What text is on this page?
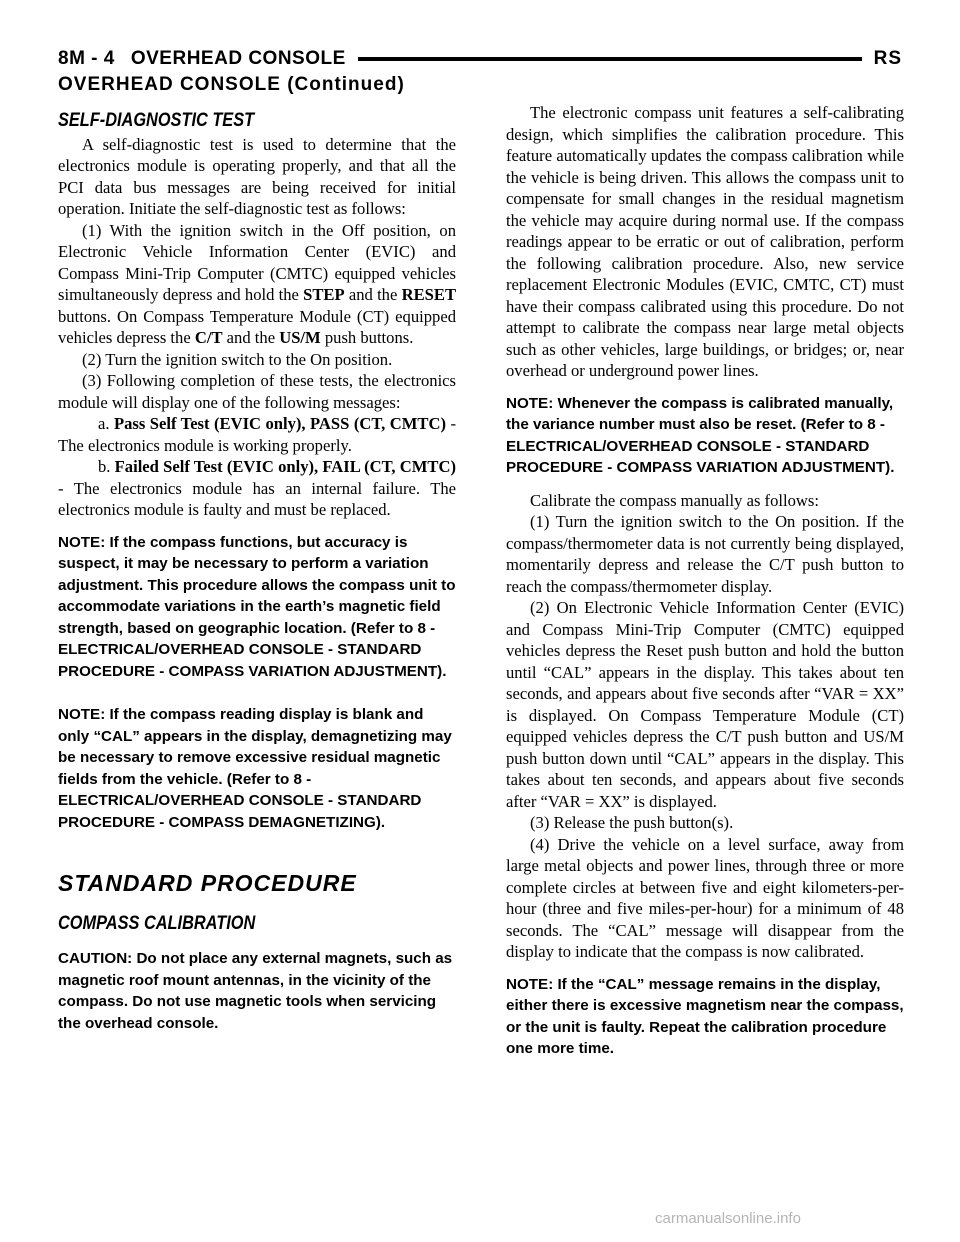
8M - 4 OVERHEAD CONSOLE	RS
OVERHEAD CONSOLE (Continued)
SELF-DIAGNOSTIC TEST

A self-diagnostic test is used to determine that the electronics module is operating properly, and that all the PCI data bus messages are being received for initial operation. Initiate the self-diagnostic test as follows:

(1) With the ignition switch in the Off position, on Electronic Vehicle Information Center (EVIC) and Compass Mini-Trip Computer (CMTC) equipped vehicles simultaneously depress and hold the STEP and the RESET buttons. On Compass Temperature Module (CT) equipped vehicles depress the C/T and the US/M push buttons.

(2) Turn the ignition switch to the On position.

(3) Following completion of these tests, the electronics module will display one of the following messages:

a. Pass Self Test (EVIC only), PASS (CT, CMTC) - The electronics module is working properly.

b. Failed Self Test (EVIC only), FAIL (CT, CMTC) - The electronics module has an internal failure. The electronics module is faulty and must be replaced.

NOTE: If the compass functions, but accuracy is suspect, it may be necessary to perform a variation adjustment. This procedure allows the compass unit to accommodate variations in the earth’s magnetic field strength, based on geographic location. (Refer to 8 - ELECTRICAL/OVERHEAD CONSOLE - STANDARD PROCEDURE - COMPASS VARIATION ADJUSTMENT).

NOTE: If the compass reading display is blank and only “CAL” appears in the display, demagnetizing may be necessary to remove excessive residual magnetic fields from the vehicle. (Refer to 8 - ELECTRICAL/OVERHEAD CONSOLE - STANDARD PROCEDURE - COMPASS DEMAGNETIZING).

STANDARD PROCEDURE
COMPASS CALIBRATION

CAUTION: Do not place any external magnets, such as magnetic roof mount antennas, in the vicinity of the compass. Do not use magnetic tools when servicing the overhead console.

The electronic compass unit features a self-calibrating design, which simplifies the calibration procedure. This feature automatically updates the compass calibration while the vehicle is being driven. This allows the compass unit to compensate for small changes in the residual magnetism the vehicle may acquire during normal use. If the compass readings appear to be erratic or out of calibration, perform the following calibration procedure. Also, new service replacement Electronic Modules (EVIC, CMTC, CT) must have their compass calibrated using this procedure. Do not attempt to calibrate the compass near large metal objects such as other vehicles, large buildings, or bridges; or, near overhead or underground power lines.

NOTE: Whenever the compass is calibrated manually, the variance number must also be reset. (Refer to 8 - ELECTRICAL/OVERHEAD CONSOLE - STANDARD PROCEDURE - COMPASS VARIATION ADJUSTMENT).

Calibrate the compass manually as follows:

(1) Turn the ignition switch to the On position. If the compass/thermometer data is not currently being displayed, momentarily depress and release the C/T push button to reach the compass/thermometer display.

(2) On Electronic Vehicle Information Center (EVIC) and Compass Mini-Trip Computer (CMTC) equipped vehicles depress the Reset push button and hold the button until “CAL” appears in the display. This takes about ten seconds, and appears about five seconds after “VAR = XX” is displayed. On Compass Temperature Module (CT) equipped vehicles depress the C/T push button and US/M push button down until “CAL” appears in the display. This takes about ten seconds, and appears about five seconds after “VAR = XX” is displayed.

(3) Release the push button(s).

(4) Drive the vehicle on a level surface, away from large metal objects and power lines, through three or more complete circles at between five and eight kilometers-per-hour (three and five miles-per-hour) for a minimum of 48 seconds. The “CAL” message will disappear from the display to indicate that the compass is now calibrated.

NOTE: If the “CAL” message remains in the display, either there is excessive magnetism near the compass, or the unit is faulty. Repeat the calibration procedure one more time.

carmanualsonline.info
